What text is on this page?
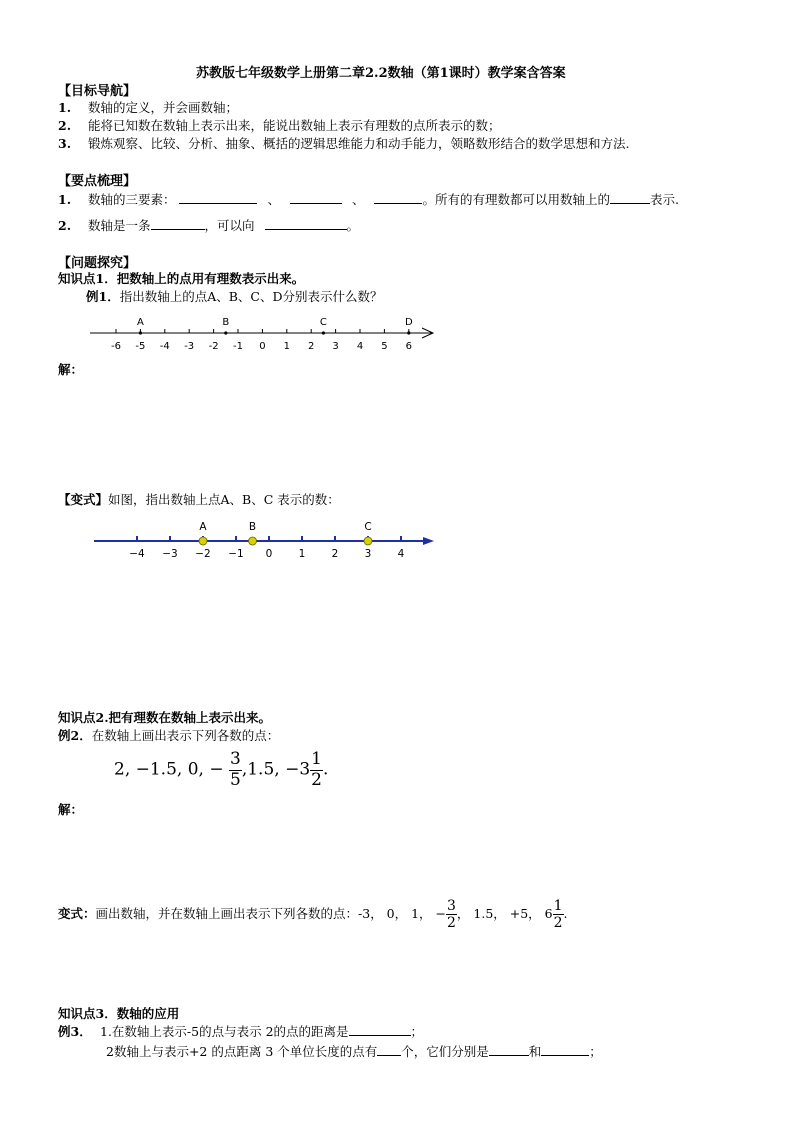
苏教版七年级数学上册第二章2.2数轴（第1课时）教学案含答案
【目标导航】
1. 数轴的定义，并会画数轴；
2. 能将已知数在数轴上表示出来，能说出数轴上表示有理数的点所表示的数；
3. 锻炼观察、比较、分析、抽象、概括的逻辑思维能力和动手能力，领略数形结合的数学思想和方法.
【要点梳理】
1. 数轴的三要素：	、	、	。所有的有理数都可以用数轴上的	表示.
2. 数轴是一条	，可以向	。
【问题探究】
知识点1．把数轴上的点用有理数表示出来。
例1．指出数轴上的点A、B、C、D分别表示什么数？
-6 -5 -4 -3 -2 -1 0 1 2 3 4 5 6
A	B	C	D
解：
【变式】如图，指出数轴上点A、B、C 表示的数：
−4 −3 −2 −1 0	1	2	3	4
A	B	C
知识点2.把有理数在数轴上表示出来。
例2．在数轴上画出表示下列各数的点：
2, −1.5, 0, − $\frac{3}{5} ,1.5$, $-3 \frac{1}{2}$ .
解：
变式：画出数轴，并在数轴上画出表示下列各数的点：-3， 0， 1， − $\frac{3}{2}$ ， 1.5， +5， $6 \frac{1}{2}$ .
知识点3．数轴的应用
例3． 1.在数轴上表示-5的点与表示 2的点的距离是	；
2数轴上与表示+2 的点距离 3 个单位长度的点有 个，它们分别是	和	；
